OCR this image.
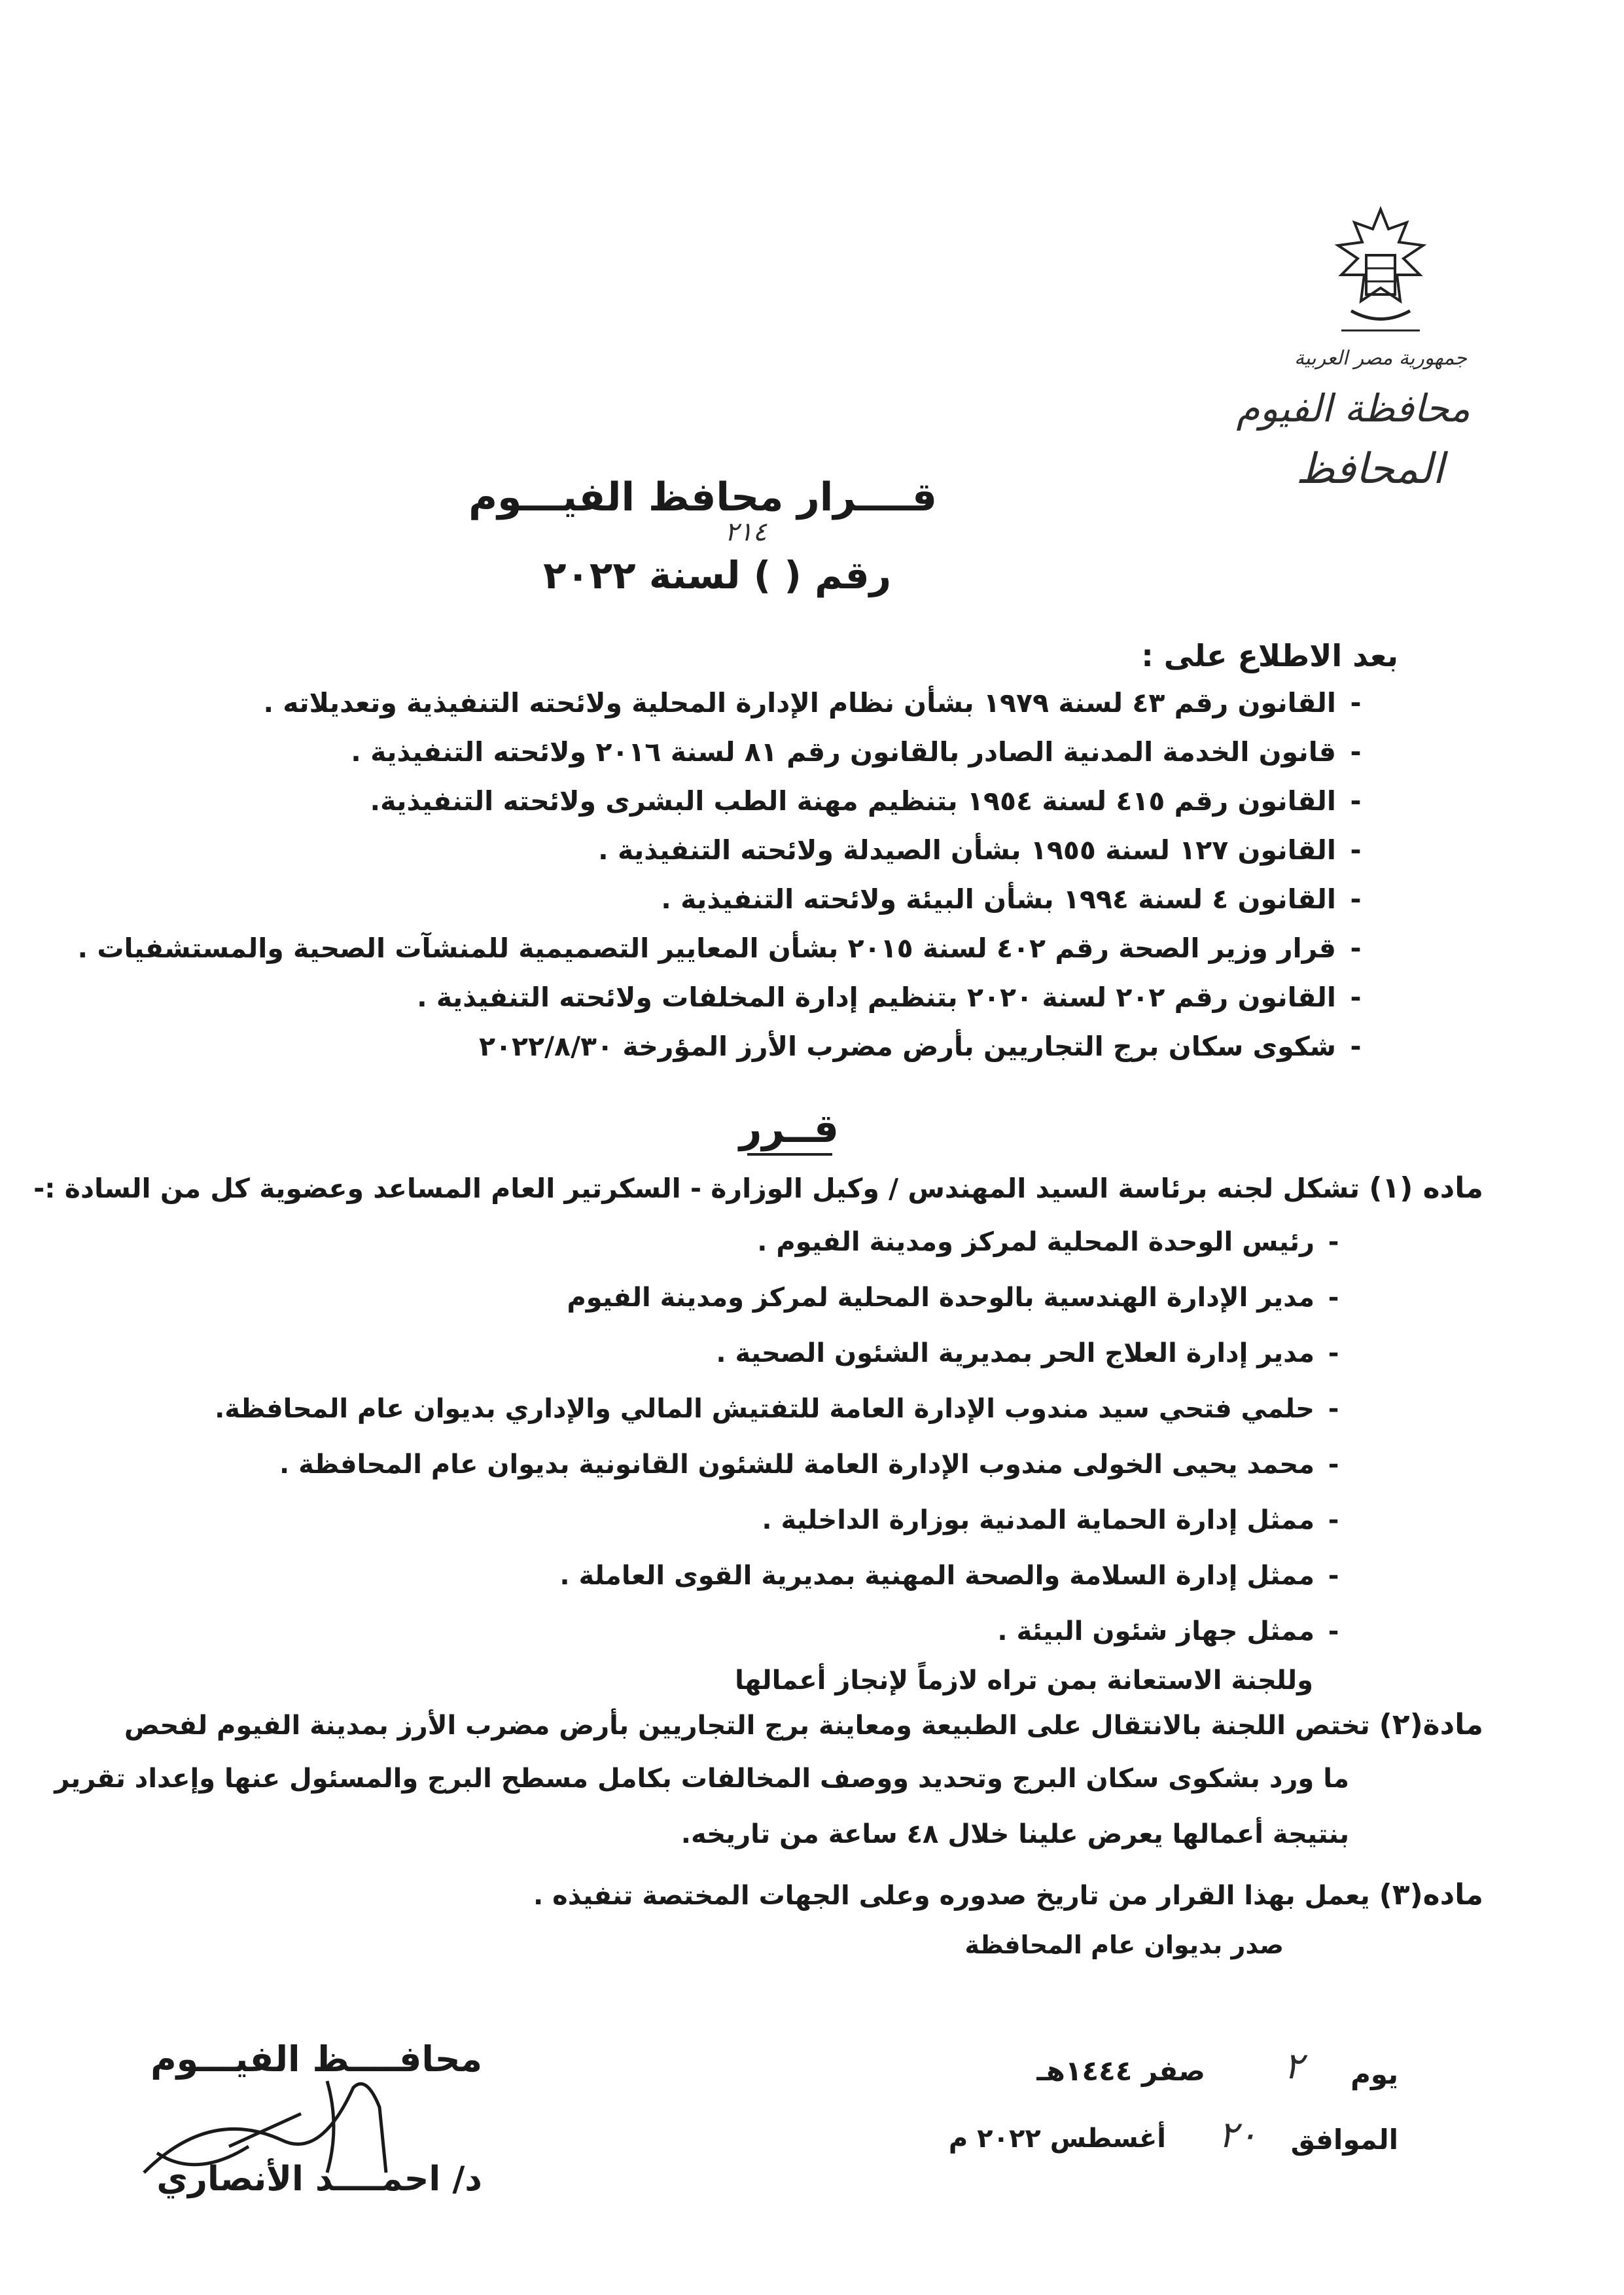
جمهورية مصر العربية
محافظة الفيوم
المحافظ
قــــرار محافظ الفيـــوم
٢١٤
رقم ( ) لسنة ٢٠٢٢
بعد الاطلاع على :
-القانون رقم ٤٣ لسنة ١٩٧٩ بشأن نظام الإدارة المحلية ولائحته التنفيذية وتعديلاته .
-قانون الخدمة المدنية الصادر بالقانون رقم ٨١ لسنة ٢٠١٦ ولائحته التنفيذية .
-القانون رقم ٤١٥ لسنة ١٩٥٤ بتنظيم مهنة الطب البشرى ولائحته التنفيذية.
-القانون ١٢٧ لسنة ١٩٥٥ بشأن الصيدلة ولائحته التنفيذية .
-القانون ٤ لسنة ١٩٩٤ بشأن البيئة ولائحته التنفيذية .
-قرار وزير الصحة رقم ٤٠٢ لسنة ٢٠١٥ بشأن المعايير التصميمية للمنشآت الصحية والمستشفيات .
-القانون رقم ٢٠٢ لسنة ٢٠٢٠ بتنظيم إدارة المخلفات ولائحته التنفيذية .
-شكوى سكان برج التجاريين بأرض مضرب الأرز المؤرخة ٢٠٢٢/٨/٣٠
قــرر
ماده (١) تشكل لجنه برئاسة السيد المهندس / وكيل الوزارة - السكرتير العام المساعد وعضوية كل من السادة :-
-رئيس الوحدة المحلية لمركز ومدينة الفيوم .
-مدير الإدارة الهندسية بالوحدة المحلية لمركز ومدينة الفيوم
-مدير إدارة العلاج الحر بمديرية الشئون الصحية .
-حلمي فتحي سيد مندوب الإدارة العامة للتفتيش المالي والإداري بديوان عام المحافظة.
-محمد يحيى الخولى مندوب الإدارة العامة للشئون القانونية بديوان عام المحافظة .
-ممثل إدارة الحماية المدنية بوزارة الداخلية .
-ممثل إدارة السلامة والصحة المهنية بمديرية القوى العاملة .
-ممثل جهاز شئون البيئة .
وللجنة الاستعانة بمن تراه لازماً لإنجاز أعمالها
مادة(٢) تختص اللجنة بالانتقال على الطبيعة ومعاينة برج التجاريين بأرض مضرب الأرز بمدينة الفيوم لفحص
ما ورد بشكوى سكان البرج وتحديد ووصف المخالفات بكامل مسطح البرج والمسئول عنها وإعداد تقرير
بنتيجة أعمالها يعرض علينا خلال ٤٨ ساعة من تاريخه.
ماده(٣) يعمل بهذا القرار من تاريخ صدوره وعلى الجهات المختصة تنفيذه .
صدر بديوان عام المحافظة
يوم
٢
صفر ١٤٤٤هـ
الموافق
٢٠
أغسطس ٢٠٢٢ م
محافــــظ الفيـــوم
د/ احمــــد الأنصاري
